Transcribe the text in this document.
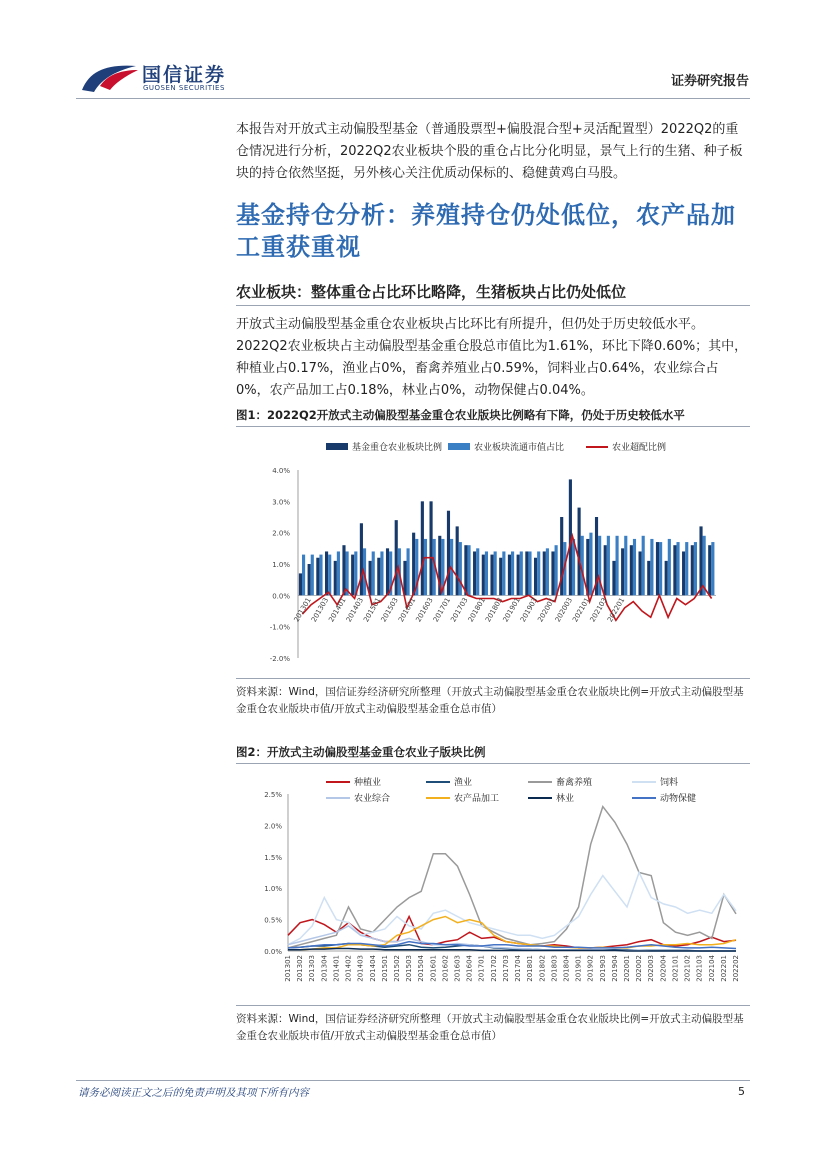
国信证券
GUOSEN SECURITIES	证券研究报告
本报告对开放式主动偏股型基金（普通股票型+偏股混合型+灵活配置型）2022Q2的重仓情况进行分析，2022Q2农业板块个股的重仓占比分化明显，景气上行的生猪、种子板块的持仓依然坚挺，另外核心关注优质动保标的、稳健黄鸡白马股。
基金持仓分析：养殖持仓仍处低位，农产品加工重获重视
农业板块：整体重仓占比环比略降，生猪板块占比仍处低位
开放式主动偏股型基金重仓农业板块占比环比有所提升，但仍处于历史较低水平。2022Q2农业板块占主动偏股型基金重仓股总市值比为1.61%，环比下降0.60%；其中，种植业占0.17%，渔业占0%，畜禽养殖业占0.59%，饲料业占0.64%，农业综合占0%，农产品加工占0.18%，林业占0%，动物保健占0.04%。
图1：2022Q2开放式主动偏股型基金重仓农业版块比例略有下降，仍处于历史较低水平
基金重仓农业板块比例	农业板块流通市值占比	农业超配比例
4.0%
3.0%
2.0%
1.0%
0.0%
-1.0%
-2.0%
201301
201303
201401
201403
201501
201503
201601
201603
201701
201703
201801
201803
201901
201903
202001
202003
202101
202103
202201
资料来源：Wind，国信证券经济研究所整理（开放式主动偏股型基金重仓农业版块比例=开放式主动偏股型基金重仓农业版块市值/开放式主动偏股型基金重仓总市值）
图2：开放式主动偏股型基金重仓农业子版块比例
种植业	渔业	畜禽养殖	饲料
农业综合	农产品加工	林业	动物保健
2.5%
2.0%
1.5%
1.0%
0.5%
0.0%
201301 201302 201303 201304 201401 201402 201403 201404 201501 201502 201503 201504 201601 201602 201603 201604 201701 201702 201703 201704 201801 201802 201803 201804 201901 201902 201903 201904 202001 202002 202003 202004 202101 202102 202103 202104 202201 202202
资料来源：Wind，国信证券经济研究所整理（开放式主动偏股型基金重仓农业版块比例=开放式主动偏股型基金重仓农业版块市值/开放式主动偏股型基金重仓总市值）
请务必阅读正文之后的免责声明及其项下所有内容	5
